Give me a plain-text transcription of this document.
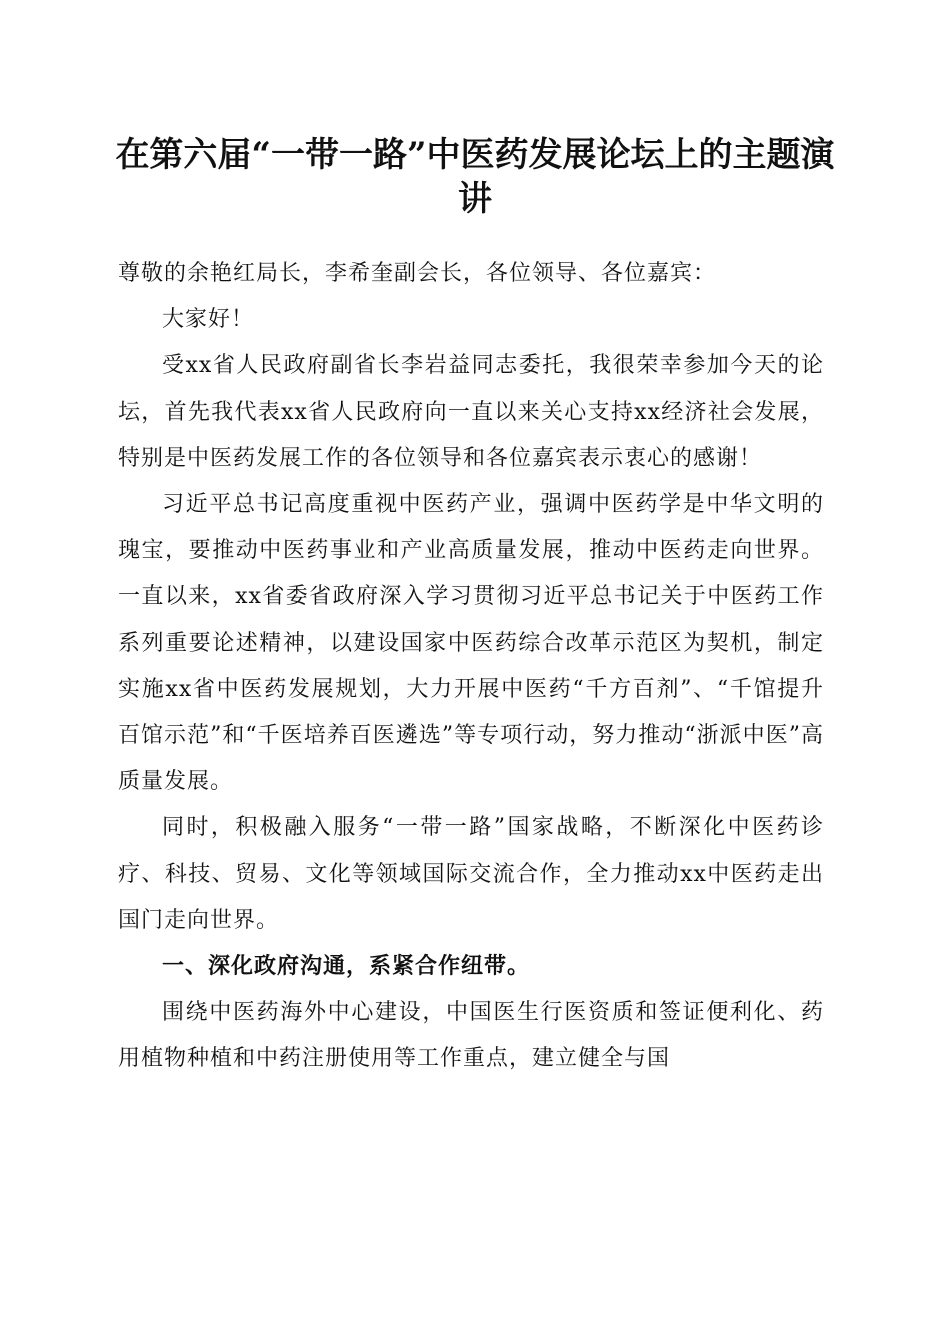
在第六届“一带一路”中医药发展论坛上的主题演讲

尊敬的余艳红局长，李希奎副会长，各位领导、各位嘉宾：

大家好！

受xx省人民政府副省长李岩益同志委托，我很荣幸参加今天的论坛，首先我代表xx省人民政府向一直以来关心支持xx经济社会发展，特别是中医药发展工作的各位领导和各位嘉宾表示衷心的感谢！

习近平总书记高度重视中医药产业，强调中医药学是中华文明的瑰宝，要推动中医药事业和产业高质量发展，推动中医药走向世界。一直以来，xx省委省政府深入学习贯彻习近平总书记关于中医药工作系列重要论述精神，以建设国家中医药综合改革示范区为契机，制定实施xx省中医药发展规划，大力开展中医药“千方百剂”、“千馆提升百馆示范”和“千医培养百医遴选”等专项行动，努力推动“浙派中医”高质量发展。

同时，积极融入服务“一带一路”国家战略，不断深化中医药诊疗、科技、贸易、文化等领域国际交流合作，全力推动xx中医药走出国门走向世界。

一、深化政府沟通，系紧合作纽带。

围绕中医药海外中心建设，中国医生行医资质和签证便利化、药用植物种植和中药注册使用等工作重点，建立健全与国
